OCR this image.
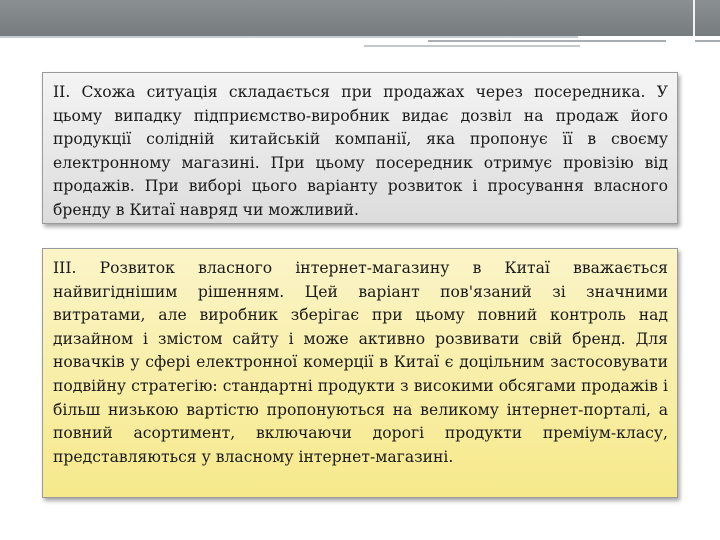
II. Схожа ситуація складається при продажах через посередника. У цьому випадку підприємство-виробник видає дозвіл на продаж його продукції солідній китайській компанії, яка пропонує її в своєму електронному магазині. При цьому посередник отримує провізію від продажів. При виборі цього варіанту розвиток і просування власного бренду в Китаї навряд чи можливий.

III. Розвиток власного інтернет-магазину в Китаї вважається найвигіднішим рішенням. Цей варіант пов'язаний зі значними витратами, але виробник зберігає при цьому повний контроль над дизайном і змістом сайту і може активно розвивати свій бренд. Для новачків у сфері електронної комерції в Китаї є доцільним застосовувати подвійну стратегію: стандартні продукти з високими обсягами продажів і більш низькою вартістю пропонуються на великому інтернет-порталі, а повний асортимент, включаючи дорогі продукти преміум-класу, представляються у власному інтернет-магазині.
